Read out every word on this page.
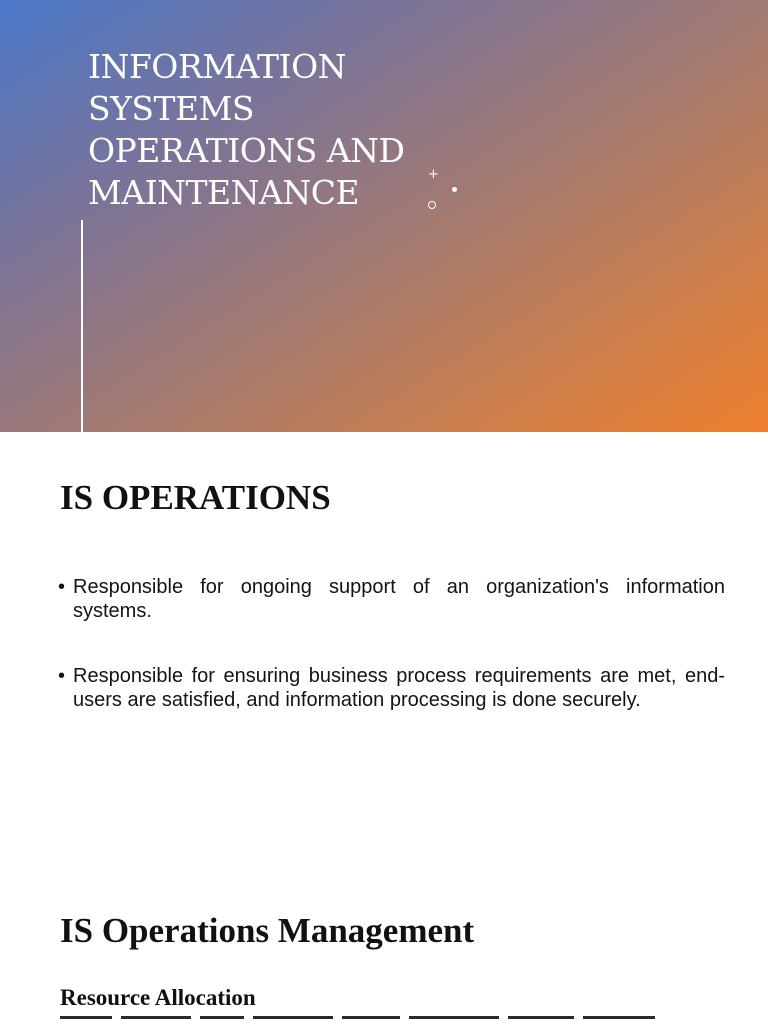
INFORMATION
SYSTEMS
OPERATIONS AND
MAINTENANCE	+
IS OPERATIONS
• Responsible for ongoing support of an organization's information systems.
• Responsible for ensuring business process requirements are met, end-users are satisfied, and information processing is done securely.
IS Operations Management
Resource Allocation
